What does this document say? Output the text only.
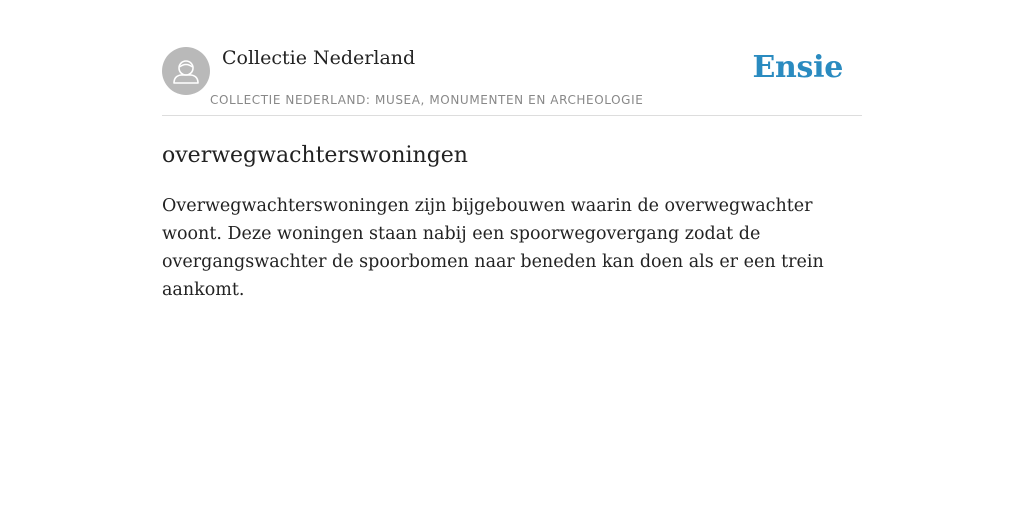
Collectie Nederland
COLLECTIE NEDERLAND: MUSEA, MONUMENTEN EN ARCHEOLOGIE
Ensie
overwegwachterswoningen

Overwegwachterswoningen zijn bijgebouwen waarin de overwegwachter woont. Deze woningen staan nabij een spoorwegovergang zodat de overgangswachter de spoorbomen naar beneden kan doen als er een trein aankomt.
